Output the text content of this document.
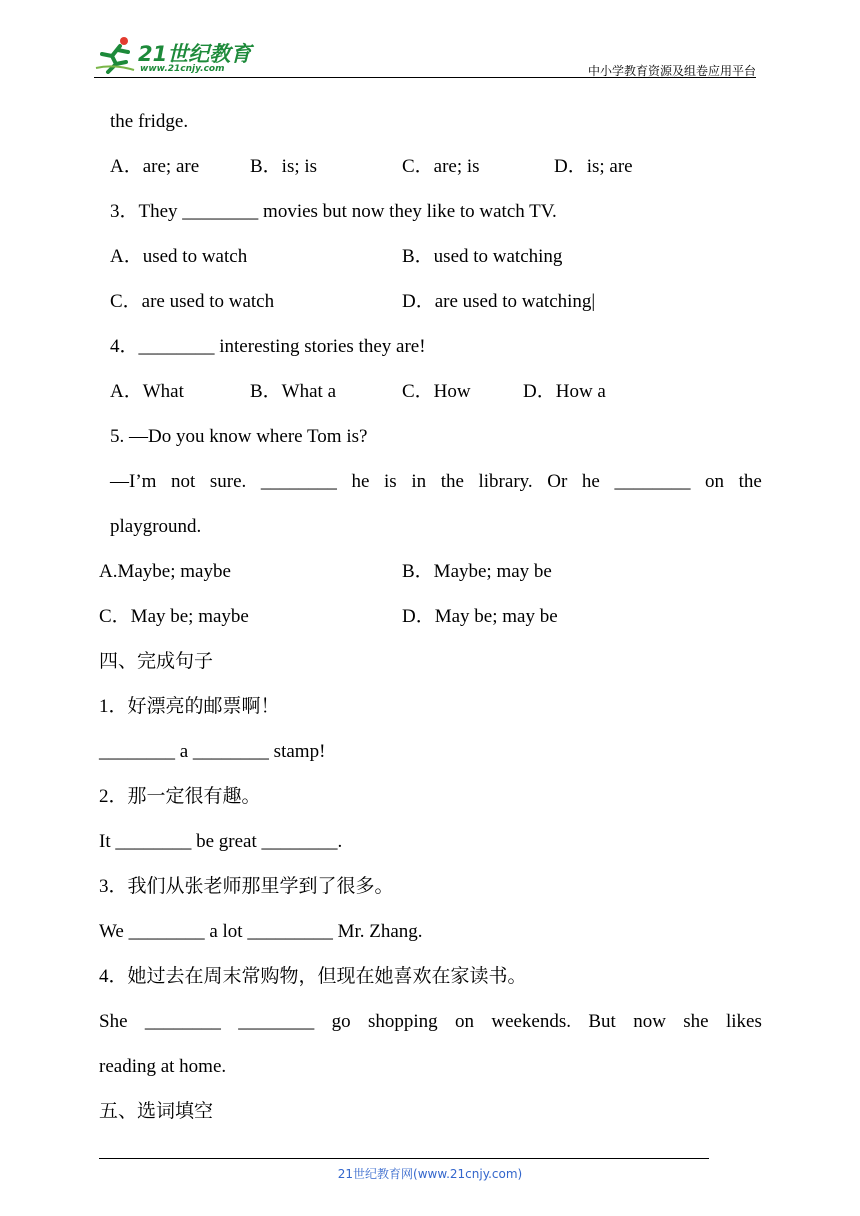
21世纪教育
www.21cnjy.com	中小学教育资源及组卷应用平台
the fridge.
A．are; are	B．is; is	C．are; is	D．is; are
3．They ________ movies but now they like to watch TV.
A．used to watch	B．used to watching
C．are used to watch	D．are used to watching|
4．________ interesting stories they are!
A．What	B．What a	C．How	D．How a
5. —Do you know where Tom is?
—I’m not sure. ________ he is in the library. Or he ________ on the
playground.
A.Maybe; maybe	B．Maybe; may be
C．May be; maybe	D．May be; may be
四、完成句子
1．好漂亮的邮票啊！
________ a ________ stamp!
2．那一定很有趣。
It ________ be great ________.
3．我们从张老师那里学到了很多。
We ________ a lot _________ Mr. Zhang.
4．她过去在周末常购物，但现在她喜欢在家读书。
She ________ ________ go shopping on weekends. But now she likes
reading at home.
五、选词填空
21世纪教育网(www.21cnjy.com)
